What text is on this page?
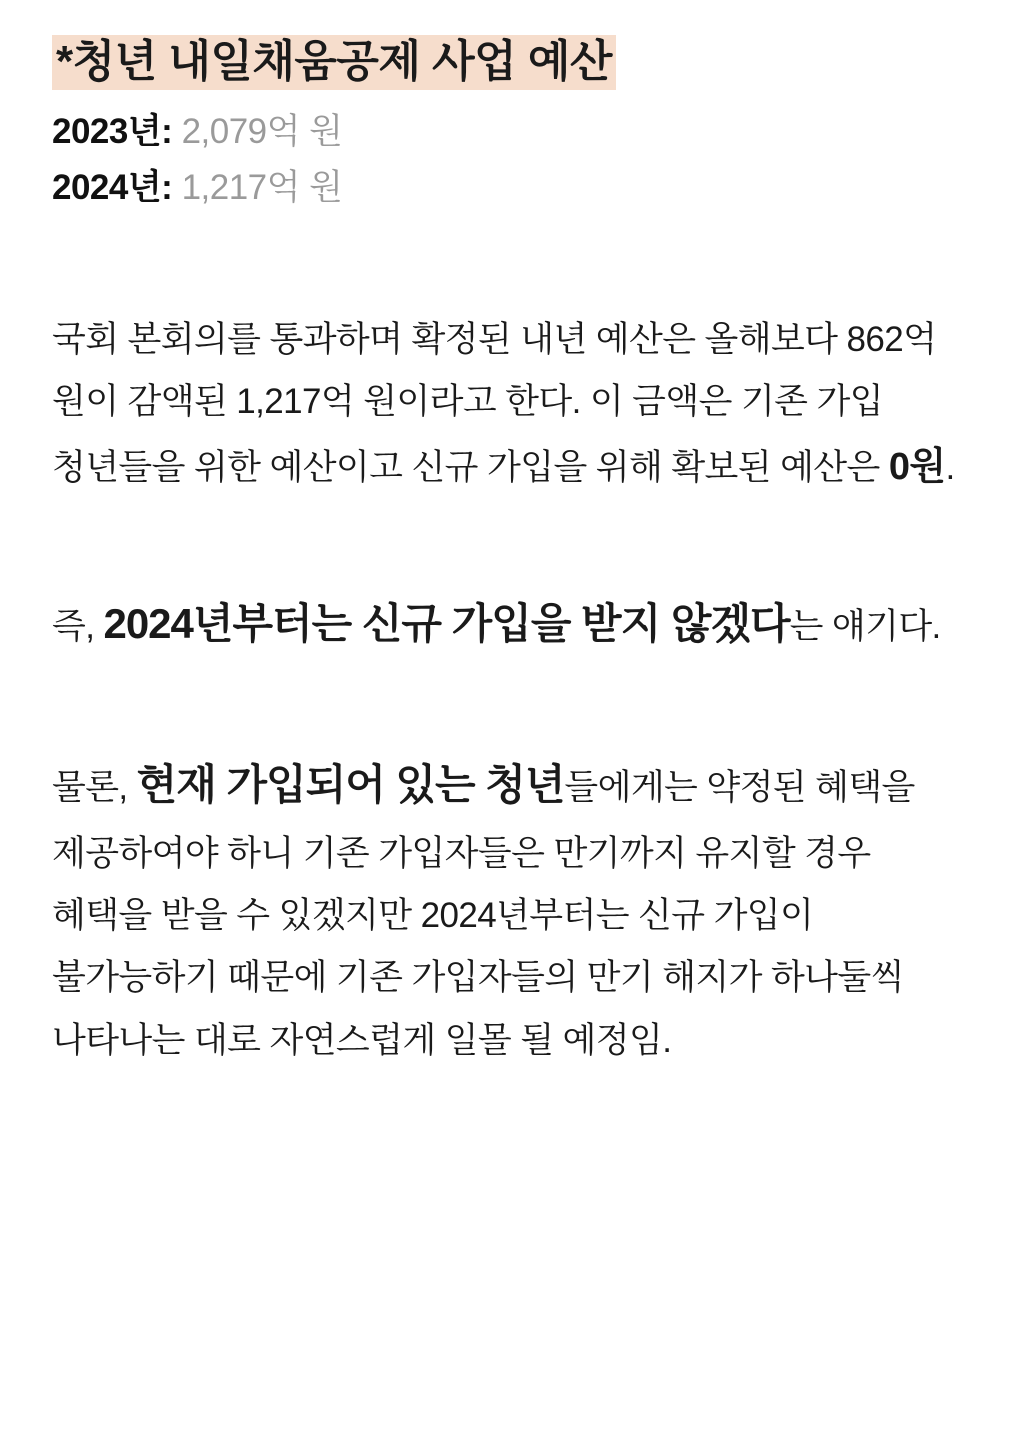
*청년 내일채움공제 사업 예산
2023년: 2,079억 원
2024년: 1,217억 원

국회 본회의를 통과하며 확정된 내년 예산은 올해보다 862억 원이 감액된 1,217억 원이라고 한다. 이 금액은 기존 가입 청년들을 위한 예산이고 신규 가입을 위해 확보된 예산은 0원.

즉, 2024년부터는 신규 가입을 받지 않겠다는 얘기다.

물론, 현재 가입되어 있는 청년들에게는 약정된 혜택을 제공하여야 하니 기존 가입자들은 만기까지 유지할 경우 혜택을 받을 수 있겠지만 2024년부터는 신규 가입이 불가능하기 때문에 기존 가입자들의 만기 해지가 하나둘씩 나타나는 대로 자연스럽게 일몰 될 예정임.
